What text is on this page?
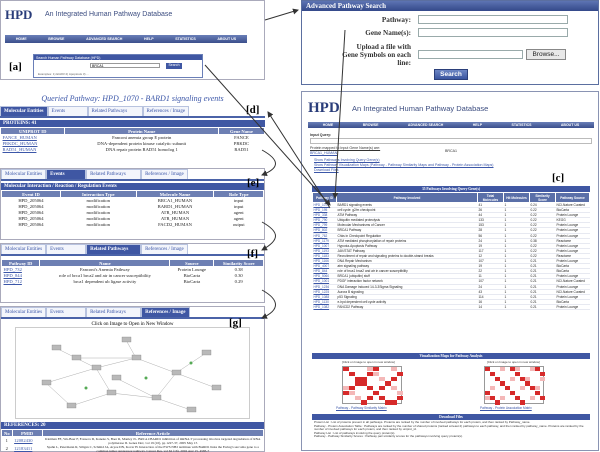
HPD An Integrated Human Pathway Database
HOME	BROWSE	ADVANCED SEARCH	HELP	STATISTICS	ABOUT US
Search Human Pathway Database (HPD)
BRCA1	Search
Examples: 1) EGFR 2) Apoptosis 3) ...
[a]
Advanced Pathway Search
Pathway:
Gene Name(s):
Upload a file with
Gene Symbols on each
line:
Browse...
Search
Queried Pathway: HPD_1070 - BARD1 signaling events
Molecular Entities	Events	Related Pathways	References / Image
PROTEINS: 41
UNIPROT ID	Protein Name	Gene Name
FANCE_HUMAN	Fanconi anemia group E protein	FANCE
PRKDC_HUMAN	DNA-dependent protein kinase catalytic subunit	PRKDC
RAD51_HUMAN	DNA repair protein RAD51 homolog 1	RAD51
[d]
Molecular Entities	Events	Related Pathways	References / Image
Molecular Interaction / Reaction / Regulation Events
Event ID	Interaction Type	Molecule Name	Role Type
HPD_205064	modification	BRCA1_HUMAN	input
HPD_205064	modification	BARD1_HUMAN	input
HPD_205064	modification	ATR_HUMAN	agent
HPD_205064	modification	ATR_HUMAN	agent
HPD_205064	modification	FACD2_HUMAN	output
[e]
Molecular Entities	Events	Related Pathways	References / Image
Pathway ID	Name	Source	Similarity Score
HPD_732	Fanconi's Anemia Pathway	Protein Lounge	0.38
HPD_844	role of brca1 brca2 and atr in cancer susceptibility	BioCarta	0.30
HPD_712	brca1 dependent ub ligase activity	BioCarta	0.29
[f]
Molecular Entities	Events	Related Pathways	References / Image
Click on Image to Open in New Window	[g]
REFERENCES: 20
No	PMID	Reference Article
1	12082430	Kleiman FE, Wu-Baer F, Fonseca D, Kaneko S, Baer R, Manley JL. BRCA1/BARD1 inhibition of mRNA 3' processing involves targeted degradation of RNA polymerase II. Genes Dev, vol 19 (10), pp 1227-37, 2005 May 15
2	12183411	Spahn L, Petermann R, Siligan C, Schmid JA, Aryee DN, Kovar H. Interaction of the EWS NH2 terminus with BARD1 links the Ewing's sarcoma gene to a common tumor suppressor pathway. Cancer Res, vol 62 (16), 2002 Aug 15, 4583-7
HPD An Integrated Human Pathway Database
HOME	BROWSE	ADVANCED SEARCH	HELP	STATISTICS	ABOUT US
Input Query:
BRCA1
Protein mapped to Input Gene Name(s) are:
BRCA1_HUMAN
Show Pathways Involving Query Gene(s)
Show Pathway Visualization Maps (Pathway - Pathway Similarity Maps and Pathway - Protein Association Maps)
Download Files
[c]
35 Pathways Involving Query Gene(s)
Pathway ID	Pathway Involved	Total Molecules	Hit Molecules	Similarity Score	Pathway Source
HPD_1070	BARD1 signaling events	41	1	0.24	NCI-Nature Curated
HPD_195	cell cycle: g2/m checkpoint	26	1	0.22	BioCarta
HPD_338	ATM Pathway	44	1	0.22	Protein Lounge
HPD_790	Ubiquitin mediated proteolysis	133	1	0.22	KEGG
HPD_799	Molecular Mechanisms of Cancer	153	1	0.22	Protein Lounge
HPD_802	BRCA1 Pathway	28	1	0.22	Protein Lounge
HPD_762	Chks in Checkpoint Regulation	56	1	0.22	Protein Lounge
HPD_1179	ATM mediated phosphorylation of repair proteins	24	1	0.38	Reactome
HPD_1007	Hypoxia-Apoptosis Pathway	19	1	0.22	Protein Lounge
HPD_1193	JAK/STAT Pathway	117	1	0.22	Protein Lounge
HPD_1183	Recruitment of repair and signaling proteins to double-strand breaks	12	1	0.22	Reactome
HPD_1166	DNA Repair Mechanism	107	1	0.21	Protein Lounge
HPD_4007	atm signaling pathway	19	1	0.21	BioCarta
HPD_844	role of brca1 brca2 and atr in cancer susceptibility	22	1	0.21	BioCarta
HPD_5060	BRCA1 (ubiquitin) stuff	11	1	0.21	Protein Lounge
HPD_1001	PDGF interaction factor network	107	1	0.21	NCI-Nature Curated
HPD_1236	DNA Damage Induced 14-3-3Sigma Signaling	24	1	0.21	Protein Lounge
HPD_1225	Aurora B signaling	43	1	0.21	NCI-Nature Curated
HPD_1088	p53 Signaling	114	1	0.21	Protein Lounge
HPD_1130	e-hpd dependent cell cycle activity	16	1	0.21	BioCarta
HPD_1082	FANCD2 Pathway	14	1	0.21	Protein Lounge
Visualization Maps for Pathway Analysis
[Click on Image to open in new window]	[Click on Image to open in new window]
Pathway - Pathway Similarity Matrix	Pathway - Protein Association Matrix
Download Files
Protein List : List of proteins present in all pathways. Proteins are ranked by the number of involved pathways for each protein, and then ranked by Pathway_name.
Pathway - Protein Association Table : Pathways are ranked by the number of shared proteins (ranked at least 2) pathways to each pathway, and then ranked by pathway_name. Proteins are ranked by the number of involved pathways for each protein, and then ranked by uniprot_id.
Pathway List : List of pathways involving the query protein(s).
Pathway - Pathway Similarity Scores : Pathway pair similarity scores for the pathways involving query protein(s).
